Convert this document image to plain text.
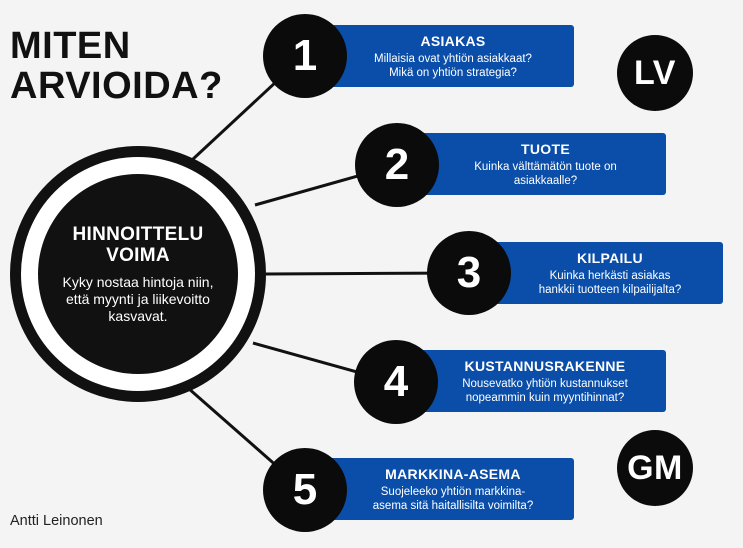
MITEN
ARVIOIDA?
HINNOITTELU
VOIMA
Kyky nostaa hintoja niin, että myynti ja liikevoitto kasvavat.
ASIAKAS
Millaisia ovat yhtiön asiakkaat?
Mikä on yhtiön strategia?
1
TUOTE
Kuinka välttämätön tuote on
asiakkaalle?
2
KILPAILU
Kuinka herkästi asiakas
hankkii tuotteen kilpailijalta?
3
KUSTANNUSRAKENNE
Nousevatko yhtiön kustannukset
nopeammin kuin myyntihinnat?
4
MARKKINA-ASEMA
Suojeleeko yhtiön markkina-
asema sitä haitallisilta voimilta?
5
LV
GM
Antti Leinonen
